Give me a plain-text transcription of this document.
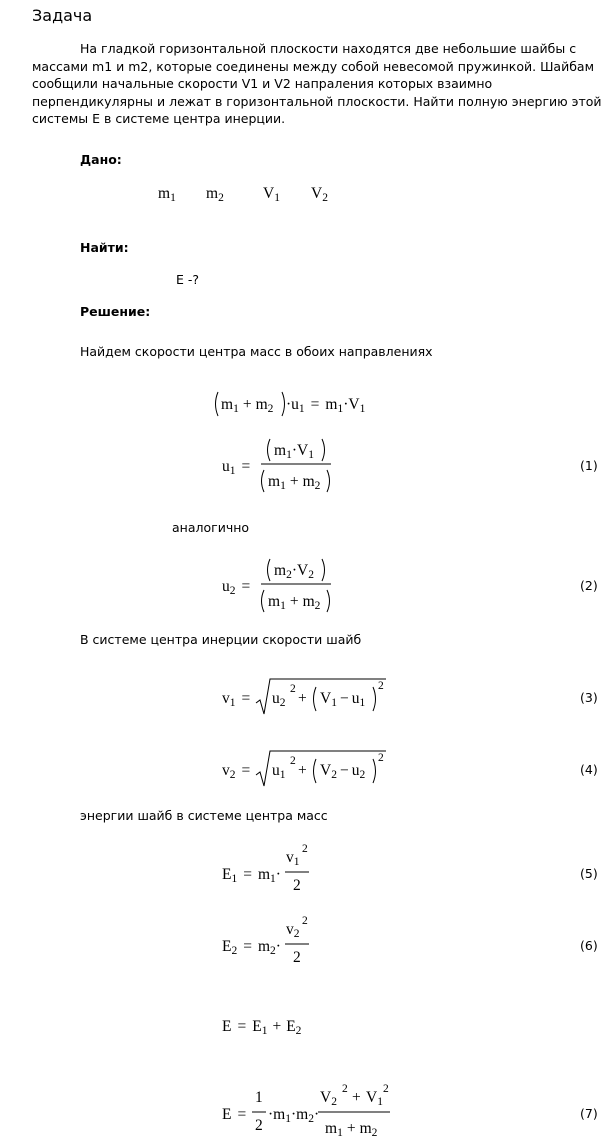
Задача
На гладкой горизонтальной плоскости находятся две небольшие шайбы с массами m1 и m2, которые соединены между собой невесомой пружинкой. Шайбам сообщили начальные скорости V1 и V2 напраления которых взаимно перпендикулярны и лежат в горизонтальной плоскости. Найти полную энергию этой системы E в системе центра инерции.
Дано:
Найти:
E -?
Решение:
Найдем скорости центра масс в обоих направлениях
аналогично
В системе центра инерции скорости шайб
энергии шайб в системе центра масс
(1)
(2)
(3)
(4)
(5)
(6)
(7)
m1 m2	V1 V2
m1 + m2 ·u1 = m1·V1
u1 =
m1·V1
m1 + m2
u2 =
m2·V2
m1 + m2
v1 = u2
2
+ V1 − u1
2
v2 = u1
2
+ V2 − u2
2
E1 = m1·
v1
2
2
E2 = m2·
v2
2
2
E = E1 + E2
E =
1
2
·m1·m2·
V2
2 + V1
2
m1 + m2
